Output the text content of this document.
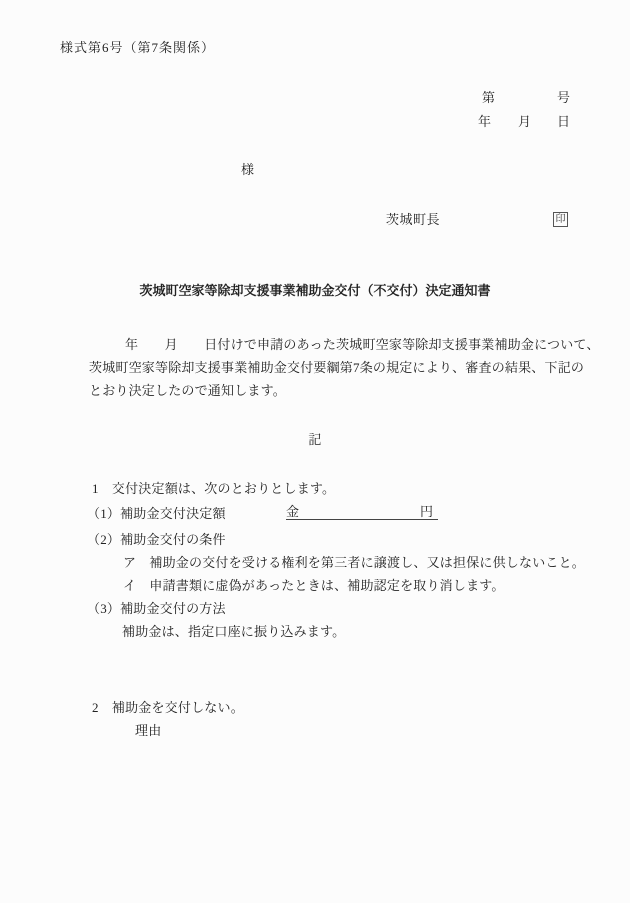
様式第6号（第7条関係）
第	号
年 月 日
様
茨城町長	印
茨城町空家等除却支援事業補助金交付（不交付）決定通知書
年　　月　　日付けで申請のあった茨城町空家等除却支援事業補助金について、
茨城町空家等除却支援事業補助金交付要綱第7条の規定により、審査の結果、下記の
とおり決定したので通知します。
記
1　交付決定額は、次のとおりとします。
（1）補助金交付決定額	金	円
（2）補助金交付の条件
ア　補助金の交付を受ける権利を第三者に譲渡し、又は担保に供しないこと。
イ　申請書類に虚偽があったときは、補助認定を取り消します。
（3）補助金交付の方法
補助金は、指定口座に振り込みます。
2　補助金を交付しない。
理由
